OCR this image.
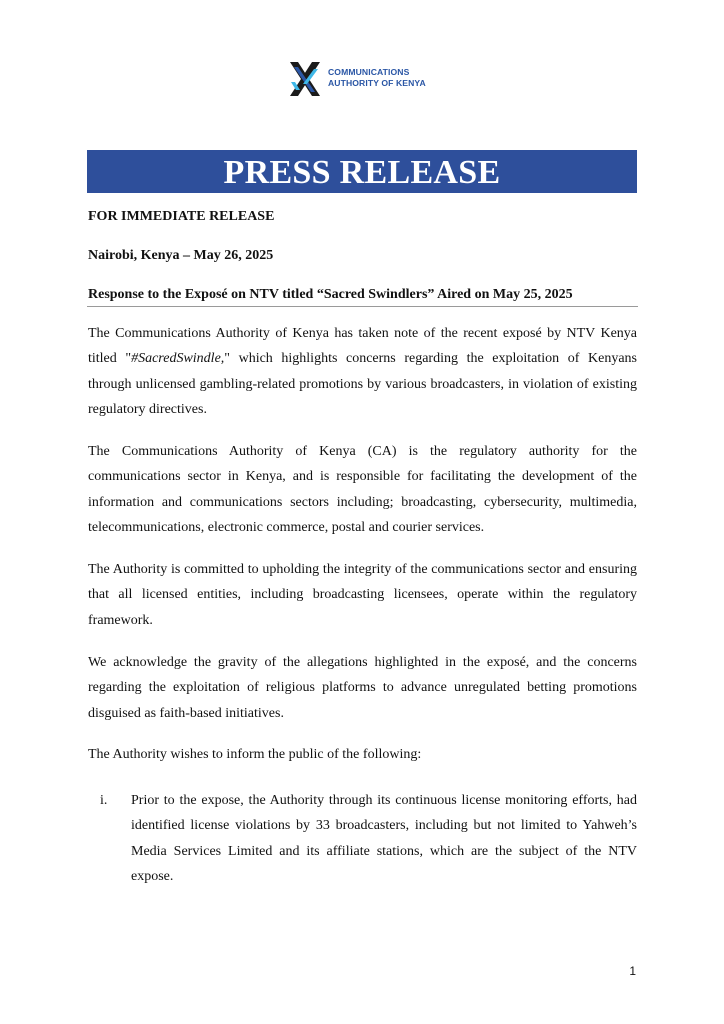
COMMUNICATIONS
AUTHORITY OF KENYA
PRESS RELEASE
FOR IMMEDIATE RELEASE
Nairobi, Kenya – May 26, 2025
Response to the Exposé on NTV titled “Sacred Swindlers” Aired on May 25, 2025

The Communications Authority of Kenya has taken note of the recent exposé by NTV Kenya titled "#SacredSwindle," which highlights concerns regarding the exploitation of Kenyans through unlicensed gambling-related promotions by various broadcasters, in violation of existing regulatory directives.

The Communications Authority of Kenya (CA) is the regulatory authority for the communications sector in Kenya, and is responsible for facilitating the development of the information and communications sectors including; broadcasting, cybersecurity, multimedia, telecommunications, electronic commerce, postal and courier services.

The Authority is committed to upholding the integrity of the communications sector and ensuring that all licensed entities, including broadcasting licensees, operate within the regulatory framework.

We acknowledge the gravity of the allegations highlighted in the exposé, and the concerns regarding the exploitation of religious platforms to advance unregulated betting promotions disguised as faith-based initiatives.

The Authority wishes to inform the public of the following:

i. Prior to the expose, the Authority through its continuous license monitoring efforts, had identified license violations by 33 broadcasters, including but not limited to Yahweh’s Media Services Limited and its affiliate stations, which are the subject of the NTV expose.
1
